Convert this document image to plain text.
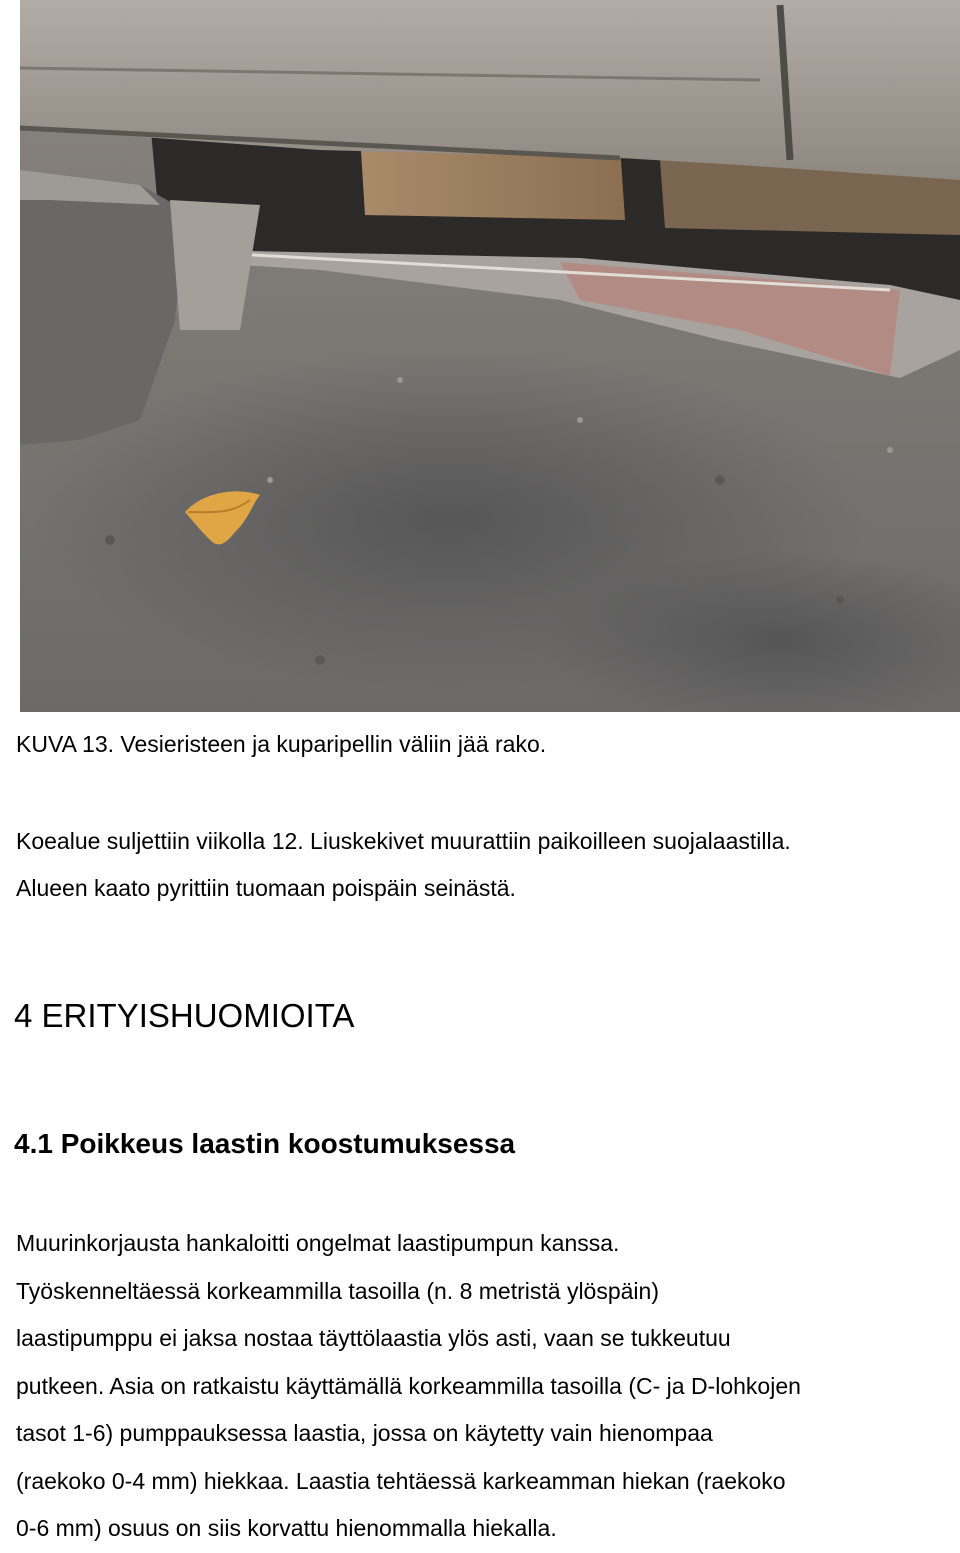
KUVA 13. Vesieristeen ja kuparipellin väliin jää rako.
Koealue suljettiin viikolla 12. Liuskekivet muurattiin paikoilleen suojalaastilla.
Alueen kaato pyrittiin tuomaan poispäin seinästä.
4 ERITYISHUOMIOITA
4.1 Poikkeus laastin koostumuksessa
Muurinkorjausta hankaloitti ongelmat laastipumpun kanssa.
Työskenneltäessä korkeammilla tasoilla (n. 8 metristä ylöspäin)
laastipumppu ei jaksa nostaa täyttölaastia ylös asti, vaan se tukkeutuu
putkeen. Asia on ratkaistu käyttämällä korkeammilla tasoilla (C- ja D-lohkojen
tasot 1-6) pumppauksessa laastia, jossa on käytetty vain hienompaa
(raekoko 0-4 mm) hiekkaa. Laastia tehtäessä karkeamman hiekan (raekoko
0-6 mm) osuus on siis korvattu hienommalla hiekalla.
